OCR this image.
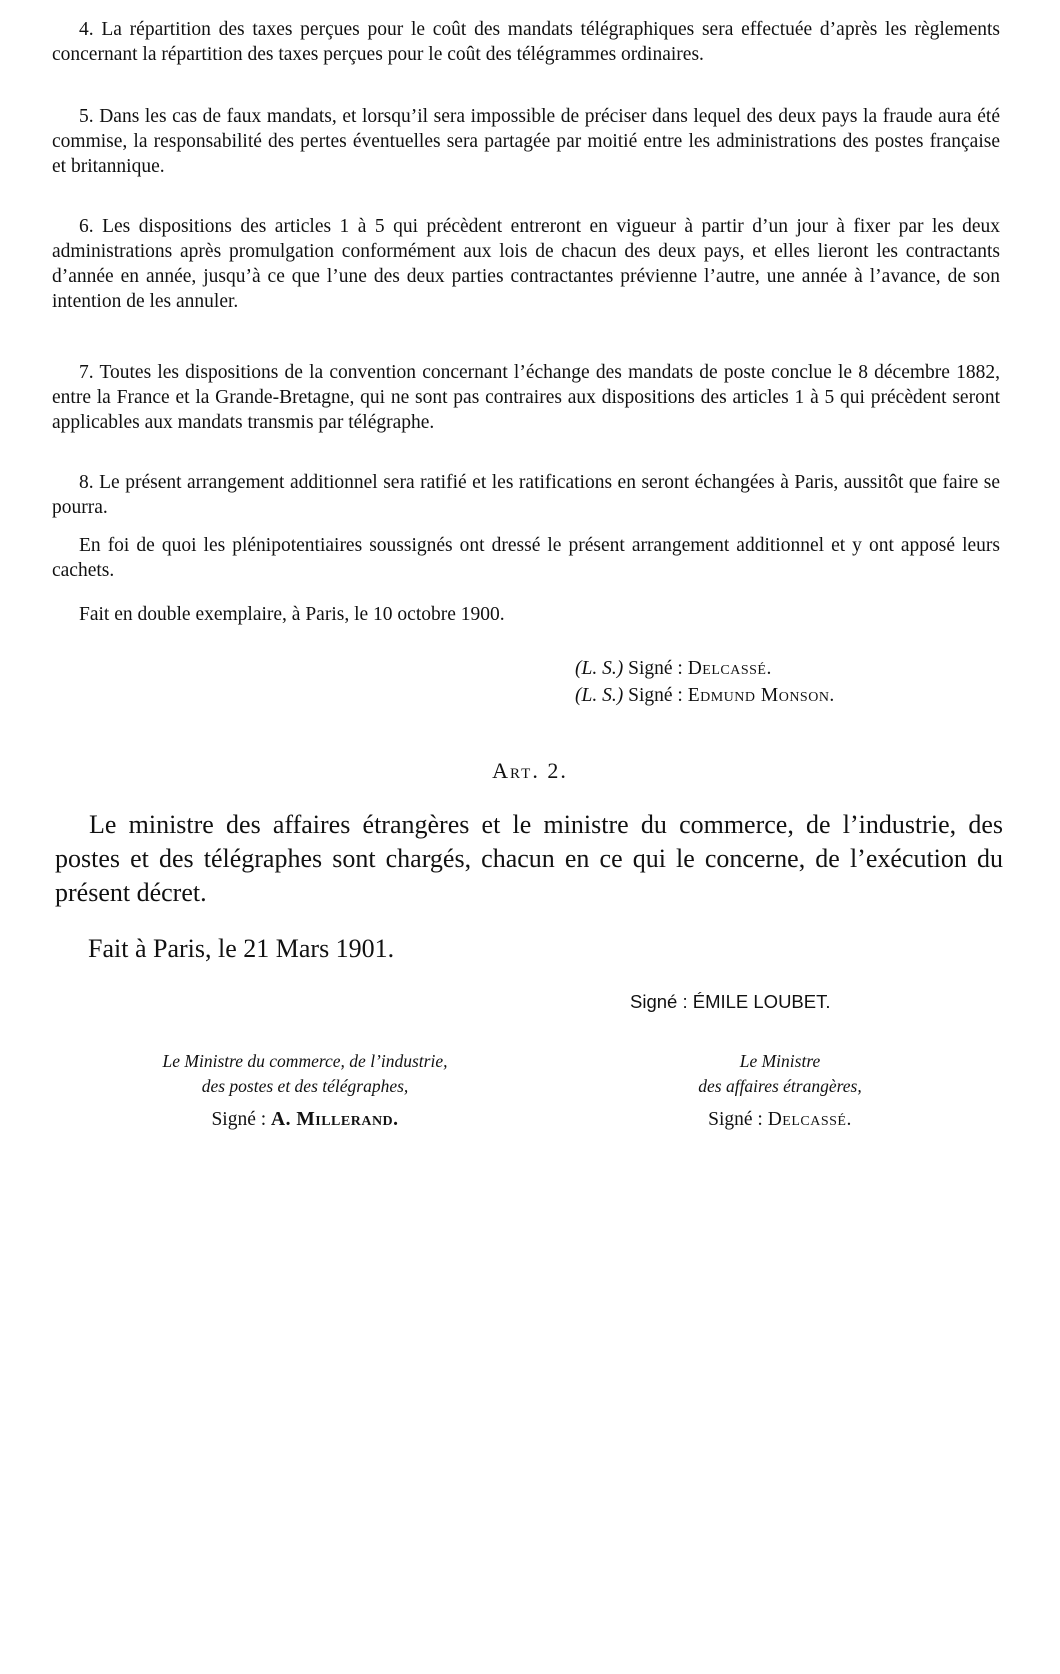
4. La répartition des taxes perçues pour le coût des mandats télégraphiques sera effectuée d’après les règlements concernant la répartition des taxes perçues pour le coût des télégrammes ordinaires.

5. Dans les cas de faux mandats, et lorsqu’il sera impossible de préciser dans lequel des deux pays la fraude aura été commise, la responsabilité des pertes éventuelles sera partagée par moitié entre les administrations des postes française et britannique.

6. Les dispositions des articles 1 à 5 qui précèdent entreront en vigueur à partir d’un jour à fixer par les deux administrations après promulgation conformément aux lois de chacun des deux pays, et elles lieront les contractants d’année en année, jusqu’à ce que l’une des deux parties contractantes prévienne l’autre, une année à l’avance, de son intention de les annuler.

7. Toutes les dispositions de la convention concernant l’échange des mandats de poste conclue le 8 décembre 1882, entre la France et la Grande-Bretagne, qui ne sont pas contraires aux dispositions des articles 1 à 5 qui précèdent seront applicables aux mandats transmis par télégraphe.

8. Le présent arrangement additionnel sera ratifié et les ratifications en seront échangées à Paris, aussitôt que faire se pourra.

En foi de quoi les plénipotentiaires soussignés ont dressé le présent arrangement additionnel et y ont apposé leurs cachets.

Fait en double exemplaire, à Paris, le 10 octobre 1900.

(L. S.) Signé : Delcassé.

(L. S.) Signé : Edmund Monson.

Art. 2.

Le ministre des affaires étrangères et le ministre du commerce, de l’industrie, des postes et des télégraphes sont chargés, chacun en ce qui le concerne, de l’exécution du présent décret.

Fait à Paris, le 21 Mars 1901.

Signé : ÉMILE LOUBET.

Le Ministre du commerce, de l’industrie,
des postes et des télégraphes,

Signé : A. Millerand.

Le Ministre
des affaires étrangères,

Signé : Delcassé.
